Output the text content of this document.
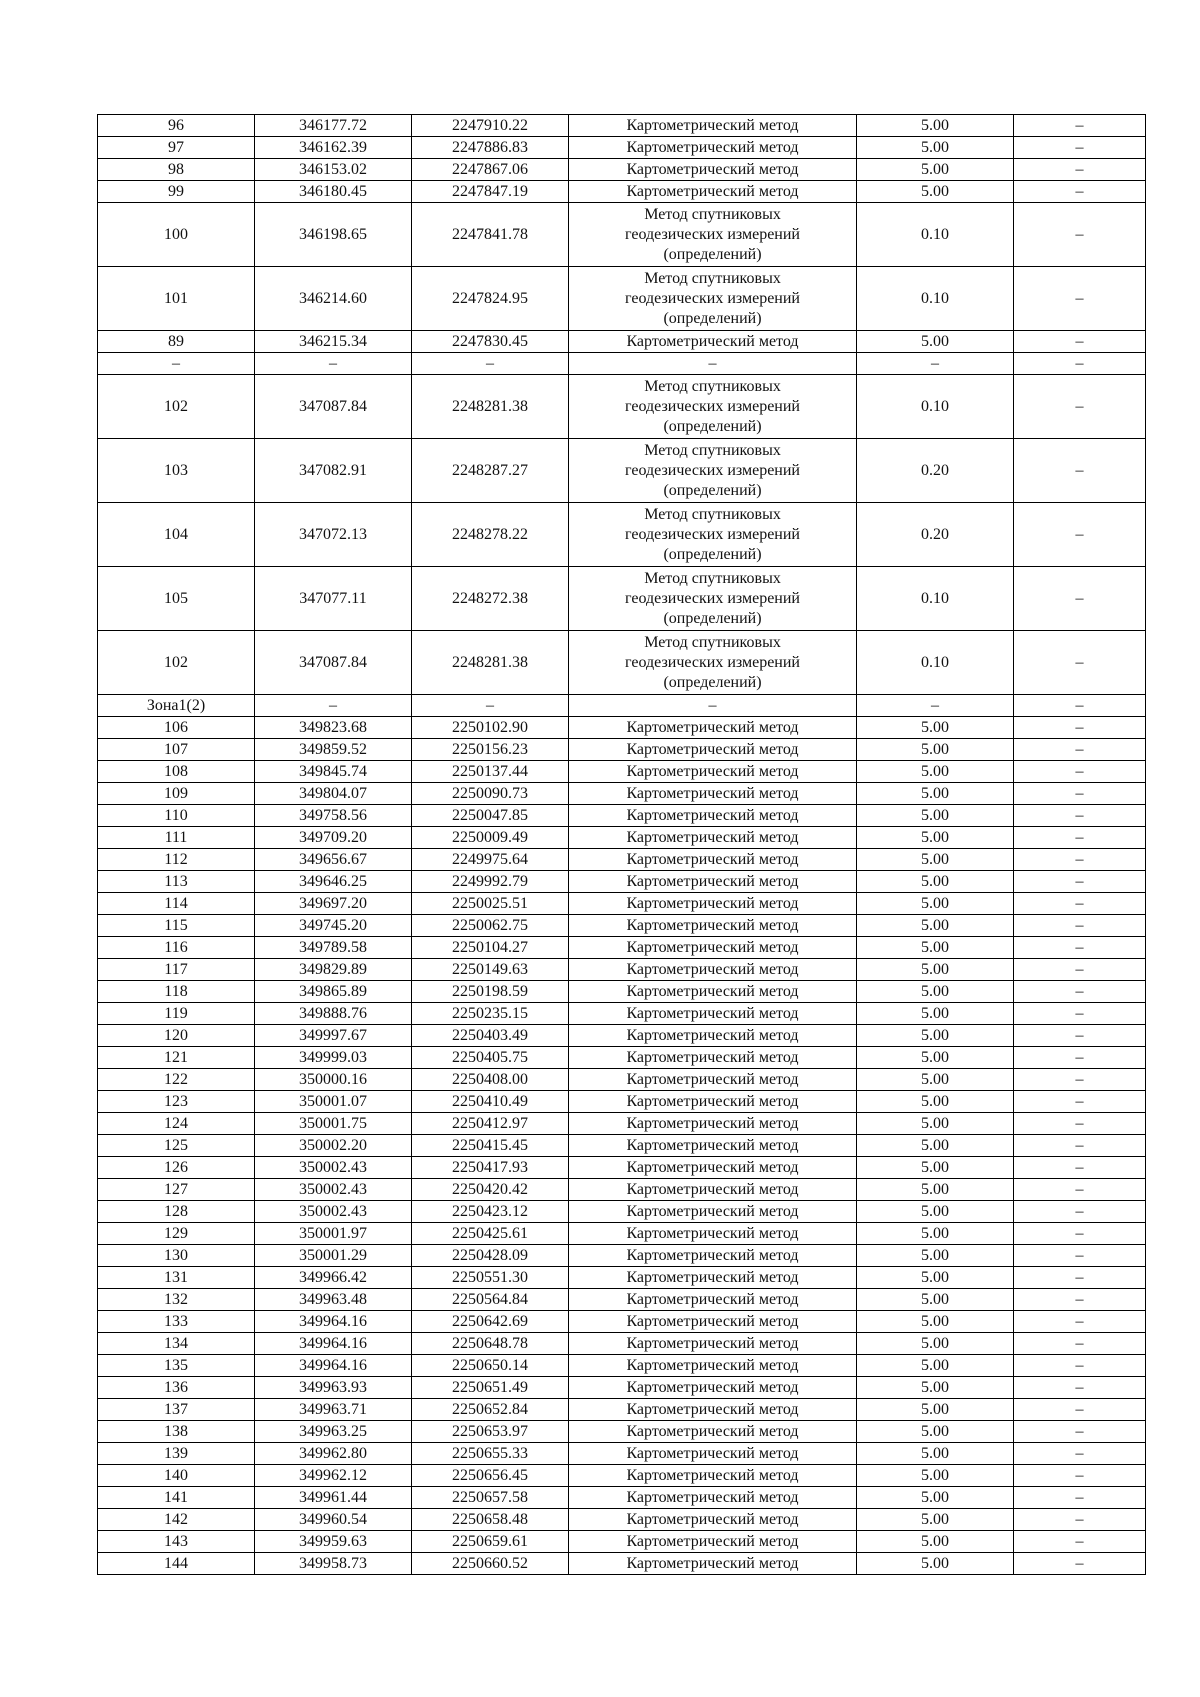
96	346177.72	2247910.22	Картометрический метод	5.00	–
97	346162.39	2247886.83	Картометрический метод	5.00	–
98	346153.02	2247867.06	Картометрический метод	5.00	–
99	346180.45	2247847.19	Картометрический метод	5.00	–
100	346198.65	2247841.78	Метод спутниковых
геодезических измерений
(определений)	0.10	–
101	346214.60	2247824.95	Метод спутниковых
геодезических измерений
(определений)	0.10	–
89	346215.34	2247830.45	Картометрический метод	5.00	–
–	–	–	–	–	–
102	347087.84	2248281.38	Метод спутниковых
геодезических измерений
(определений)	0.10	–
103	347082.91	2248287.27	Метод спутниковых
геодезических измерений
(определений)	0.20	–
104	347072.13	2248278.22	Метод спутниковых
геодезических измерений
(определений)	0.20	–
105	347077.11	2248272.38	Метод спутниковых
геодезических измерений
(определений)	0.10	–
102	347087.84	2248281.38	Метод спутниковых
геодезических измерений
(определений)	0.10	–
Зона1(2)	–	–	–	–	–
106	349823.68	2250102.90	Картометрический метод	5.00	–
107	349859.52	2250156.23	Картометрический метод	5.00	–
108	349845.74	2250137.44	Картометрический метод	5.00	–
109	349804.07	2250090.73	Картометрический метод	5.00	–
110	349758.56	2250047.85	Картометрический метод	5.00	–
111	349709.20	2250009.49	Картометрический метод	5.00	–
112	349656.67	2249975.64	Картометрический метод	5.00	–
113	349646.25	2249992.79	Картометрический метод	5.00	–
114	349697.20	2250025.51	Картометрический метод	5.00	–
115	349745.20	2250062.75	Картометрический метод	5.00	–
116	349789.58	2250104.27	Картометрический метод	5.00	–
117	349829.89	2250149.63	Картометрический метод	5.00	–
118	349865.89	2250198.59	Картометрический метод	5.00	–
119	349888.76	2250235.15	Картометрический метод	5.00	–
120	349997.67	2250403.49	Картометрический метод	5.00	–
121	349999.03	2250405.75	Картометрический метод	5.00	–
122	350000.16	2250408.00	Картометрический метод	5.00	–
123	350001.07	2250410.49	Картометрический метод	5.00	–
124	350001.75	2250412.97	Картометрический метод	5.00	–
125	350002.20	2250415.45	Картометрический метод	5.00	–
126	350002.43	2250417.93	Картометрический метод	5.00	–
127	350002.43	2250420.42	Картометрический метод	5.00	–
128	350002.43	2250423.12	Картометрический метод	5.00	–
129	350001.97	2250425.61	Картометрический метод	5.00	–
130	350001.29	2250428.09	Картометрический метод	5.00	–
131	349966.42	2250551.30	Картометрический метод	5.00	–
132	349963.48	2250564.84	Картометрический метод	5.00	–
133	349964.16	2250642.69	Картометрический метод	5.00	–
134	349964.16	2250648.78	Картометрический метод	5.00	–
135	349964.16	2250650.14	Картометрический метод	5.00	–
136	349963.93	2250651.49	Картометрический метод	5.00	–
137	349963.71	2250652.84	Картометрический метод	5.00	–
138	349963.25	2250653.97	Картометрический метод	5.00	–
139	349962.80	2250655.33	Картометрический метод	5.00	–
140	349962.12	2250656.45	Картометрический метод	5.00	–
141	349961.44	2250657.58	Картометрический метод	5.00	–
142	349960.54	2250658.48	Картометрический метод	5.00	–
143	349959.63	2250659.61	Картометрический метод	5.00	–
144	349958.73	2250660.52	Картометрический метод	5.00	–
